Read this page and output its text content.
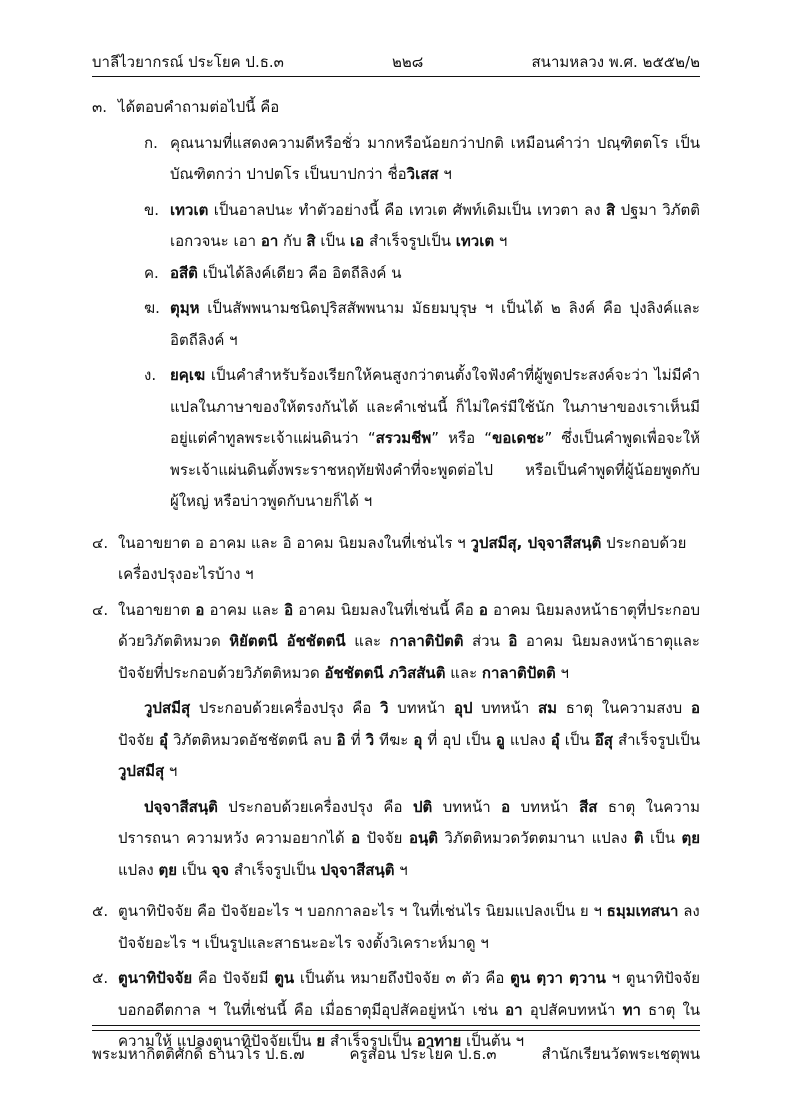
บาลีไวยากรณ์ ประโยค ป.ธ.๓	๒๒๘	สนามหลวง พ.ศ. ๒๕๕๒/๒
๓. ได้ตอบคำถามต่อไปนี้ คือ
ก. คุณนามที่แสดงความดีหรือชั่ว มากหรือน้อยกว่าปกติ เหมือนคำว่า ปณฺฑิตตโร เป็นบัณฑิตกว่า ปาปตโร เป็นบาปกว่า ชื่อวิเสส ฯ
ข. เทวเต เป็นอาลปนะ ทำตัวอย่างนี้ คือ เทวเต ศัพท์เดิมเป็น เทวตา ลง สิ ปฐมา วิภัตติ เอกวจนะ เอา อา กับ สิ เป็น เอ สำเร็จรูปเป็น เทวเต ฯ
ค. อสีติ เป็นได้ลิงค์เดียว คือ อิตถีลิงค์ น
ฆ. ตุมฺห เป็นสัพพนามชนิดปุริสสัพพนาม มัธยมบุรุษ ฯ เป็นได้ ๒ ลิงค์ คือ ปุงลิงค์และ อิตถีลิงค์ ฯ
ง. ยคฺเฆ เป็นคำสำหรับร้องเรียกให้คนสูงกว่าตนตั้งใจฟังคำที่ผู้พูดประสงค์จะว่า ไม่มีคำแปลในภาษาของให้ตรงกันได้ และคำเช่นนี้ ก็ไม่ใคร่มีใช้นัก ในภาษาของเราเห็นมีอยู่แต่คำทูลพระเจ้าแผ่นดินว่า “สรวมชีพ” หรือ “ขอเดชะ” ซึ่งเป็นคำพูดเพื่อจะให้พระเจ้าแผ่นดินตั้งพระราชหฤทัยฟังคำที่จะพูดต่อไป หรือเป็นคำพูดที่ผู้น้อยพูดกับผู้ใหญ่ หรือบ่าวพูดกับนายก็ได้ ฯ
๔. ในอาขยาต อ อาคม และ อิ อาคม นิยมลงในที่เช่นไร ฯ วูปสมีสุ, ปจฺจาสีสนฺติ ประกอบด้วยเครื่องปรุงอะไรบ้าง ฯ
๔. ในอาขยาต อ อาคม และ อิ อาคม นิยมลงในที่เช่นนี้ คือ อ อาคม นิยมลงหน้าธาตุที่ประกอบ ด้วยวิภัตติหมวด หิยัตตนี อัชชัตตนี และ กาลาติปัตติ ส่วน อิ อาคม นิยมลงหน้าธาตุและปัจจัยที่ประกอบด้วยวิภัตติหมวด อัชชัตตนี ภวิสสันติ และ กาลาติปัตติ ฯ
วูปสมีสุ ประกอบด้วยเครื่องปรุง คือ วิ บทหน้า อุป บทหน้า สม ธาตุ ในความสงบ อ ปัจจัย อุํ วิภัตติหมวดอัชชัตตนี ลบ อิ ที่ วิ ทีฆะ อุ ที่ อุป เป็น อู แปลง อุํ เป็น อึสุ สำเร็จรูปเป็น วูปสมีสุ ฯ
ปจฺจาสีสนฺติ ประกอบด้วยเครื่องปรุง คือ ปติ บทหน้า อ บทหน้า สีส ธาตุ ในความปรารถนา ความหวัง ความอยากได้ อ ปัจจัย อนฺติ วิภัตติหมวดวัตตมานา แปลง ติ เป็น ตฺย แปลง ตฺย เป็น จฺจ สำเร็จรูปเป็น ปจฺจาสีสนฺติ ฯ
๕. ตูนาทิปัจจัย คือ ปัจจัยอะไร ฯ บอกกาลอะไร ฯ ในที่เช่นไร นิยมแปลงเป็น ย ฯ ธมฺมเทสนา ลงปัจจัยอะไร ฯ เป็นรูปและสาธนะอะไร จงตั้งวิเคราะห์มาดู ฯ
๕. ตูนาทิปัจจัย คือ ปัจจัยมี ตูน เป็นต้น หมายถึงปัจจัย ๓ ตัว คือ ตูน ตฺวา ตฺวาน ฯ ตูนาทิปัจจัยบอกอดีตกาล ฯ ในที่เช่นนี้ คือ เมื่อธาตุมีอุปสัคอยู่หน้า เช่น อา อุปสัคบทหน้า ทา ธาตุ ในความให้ แปลงตูนาทิปัจจัยเป็น ย สำเร็จรูปเป็น อาทาย เป็นต้น ฯ
พระมหากิตติศักดิ์ ธานวโร ป.ธ.๗	ครูสอน ประโยค ป.ธ.๓	สำนักเรียนวัดพระเชตุพน
